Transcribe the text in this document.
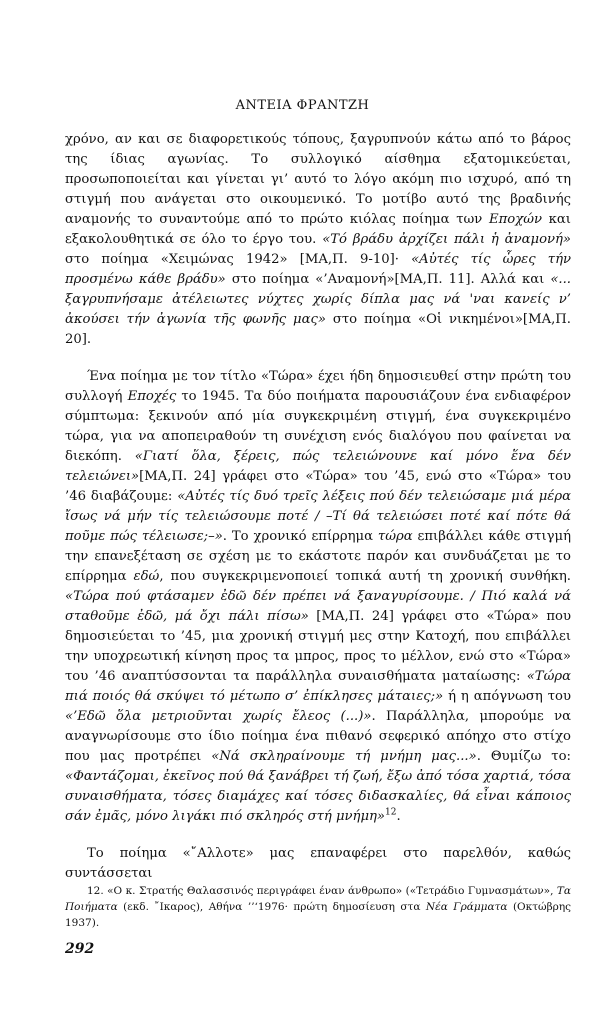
ΑΝΤΕΙΑ ΦΡΑΝΤΖΗ

χρόνο, αν και σε διαφορετικούς τόπους, ξαγρυπνούν κάτω από το βάρος της ίδιας αγωνίας. Το συλλογικό αίσθημα εξατομικεύεται, προσωποποιείται και γίνεται γι’ αυτό το λόγο ακόμη πιο ισχυρό, από τη στιγμή που ανάγεται στο οικουμενικό. Το μοτίβο αυτό της βραδινής αναμονής το συναντούμε από το πρώτο κιόλας ποίημα των Εποχών και εξακολουθητικά σε όλο το έργο του. «Τό βράδυ ἀρχίζει πάλι ἡ ἀναμονή» στο ποίημα «Χειμώνας 1942» [ΜΑ,Π. 9-10]· «Αὐτές τίς ὧρες τήν προσμένω κάθε βράδυ» στο ποίημα «’Αναμονή»[ΜΑ,Π. 11]. Αλλά και «... ξαγρυπνήσαμε ἀτέλειωτες νύχτες χωρίς δίπλα μας νά 'ναι κανείς ν’ ἀκούσει τήν ἀγωνία τῆς φωνῆς μας» στο ποίημα «Οἱ νικημένοι»[ΜΑ,Π. 20].

Ένα ποίημα με τον τίτλο «Τώρα» έχει ήδη δημοσιευθεί στην πρώτη του συλλογή Εποχές το 1945. Τα δύο ποιήματα παρουσιάζουν ένα ενδιαφέρον σύμπτωμα: ξεκινούν από μία συγκεκριμένη στιγμή, ένα συγκεκριμένο τώρα, για να αποπειραθούν τη συνέχιση ενός διαλόγου που φαίνεται να διεκόπη. «Γιατί ὅλα, ξέρεις, πώς τελειώνουνε καί μόνο ἕνα δέν τελειώνει»[ΜΑ,Π. 24] γράφει στο «Τώρα» του ’45, ενώ στο «Τώρα» του ’46 διαβάζουμε: «Αὐτές τίς δυό τρεῖς λέξεις πού δέν τελειώσαμε μιά μέρα ἴσως νά μήν τίς τελειώσουμε ποτέ / –Τί θά τελειώσει ποτέ καί πότε θά ποῦμε πώς τέλειωσε;–». Το χρονικό επίρρημα τώρα επιβάλλει κάθε στιγμή την επανεξέταση σε σχέση με το εκάστοτε παρόν και συνδυάζεται με το επίρρημα εδώ, που συγκεκριμενοποιεί τοπικά αυτή τη χρονική συνθήκη. «Τώρα πού φτάσαμεν ἐδῶ δέν πρέπει νά ξαναγυρίσουμε. / Πιό καλά νά σταθοῦμε ἐδῶ, μά ὄχι πάλι πίσω» [ΜΑ,Π. 24] γράφει στο «Τώρα» που δημοσιεύεται το ’45, μια χρονική στιγμή μες στην Κατοχή, που επιβάλλει την υποχρεωτική κίνηση προς τα μπρος, προς το μέλλον, ενώ στο «Τώρα» του ’46 αναπτύσσονται τα παράλληλα συναισθήματα ματαίωσης: «Τώρα πιά ποιός θά σκύψει τό μέτωπο σ’ ἐπίκλησες μάταιες;» ή η απόγνωση του «’Εδῶ ὅλα μετριοῦνται χωρίς ἔλεος (...)». Παράλληλα, μπορούμε να αναγνωρίσουμε στο ίδιο ποίημα ένα πιθανό σεφερικό απόηχο στο στίχο που μας προτρέπει «Νά σκληραίνουμε τή μνήμη μας...». Θυμίζω το: «Φαντάζομαι, ἐκεῖνος πού θά ξανάβρει τή ζωή, ἔξω ἀπό τόσα χαρτιά, τόσα συναισθήματα, τόσες διαμάχες καί τόσες διδασκαλίες, θά εἶναι κάποιος σάν ἐμᾶς, μόνο λιγάκι πιό σκληρός στή μνήμη»$^{12}$.

Το ποίημα «῎Αλλοτε» μας επαναφέρει στο παρελθόν, καθώς συντάσσεται

12. «Ο κ. Στρατής Θαλασσινός περιγράφει έναν άνθρωπο» («Τετράδιο Γυμνασμάτων», Τα Ποιήματα (εκδ. ῎Ικαρος), Αθήνα ’’‘1976· πρώτη δημοσίευση στα Νέα Γράμματα (Οκτώβρης 1937).
292
